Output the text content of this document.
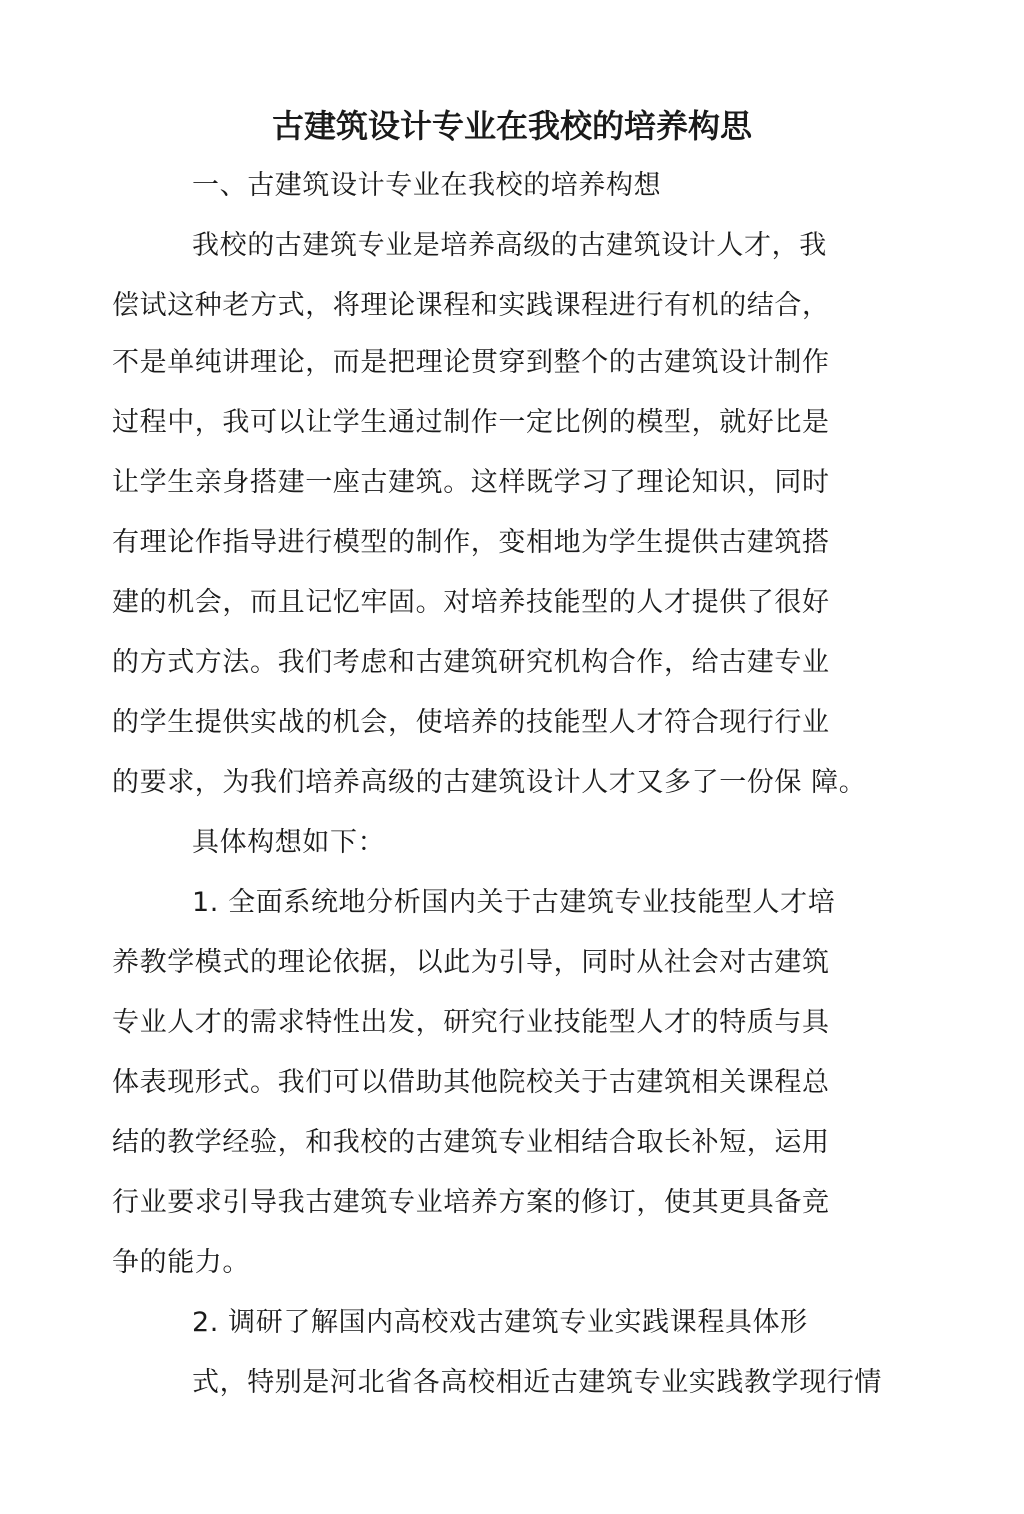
古建筑设计专业在我校的培养构思
一、古建筑设计专业在我校的培养构想
我校的古建筑专业是培养高级的古建筑设计人才，我
偿试这种老方式，将理论课程和实践课程进行有机的结合，
不是单纯讲理论，而是把理论贯穿到整个的古建筑设计制作
过程中，我可以让学生通过制作一定比例的模型，就好比是
让学生亲身搭建一座古建筑。这样既学习了理论知识，同时
有理论作指导进行模型的制作，变相地为学生提供古建筑搭
建的机会，而且记忆牢固。对培养技能型的人才提供了很好
的方式方法。我们考虑和古建筑研究机构合作，给古建专业
的学生提供实战的机会，使培养的技能型人才符合现行行业
的要求，为我们培养高级的古建筑设计人才又多了一份保 障。
具体构想如下：
1. 全面系统地分析国内关于古建筑专业技能型人才培
养教学模式的理论依据，以此为引导，同时从社会对古建筑
专业人才的需求特性出发，研究行业技能型人才的特质与具
体表现形式。我们可以借助其他院校关于古建筑相关课程总
结的教学经验，和我校的古建筑专业相结合取长补短，运用
行业要求引导我古建筑专业培养方案的修订，使其更具备竞
争的能力。
2. 调研了解国内高校戏古建筑专业实践课程具体形
式，特别是河北省各高校相近古建筑专业实践教学现行情
